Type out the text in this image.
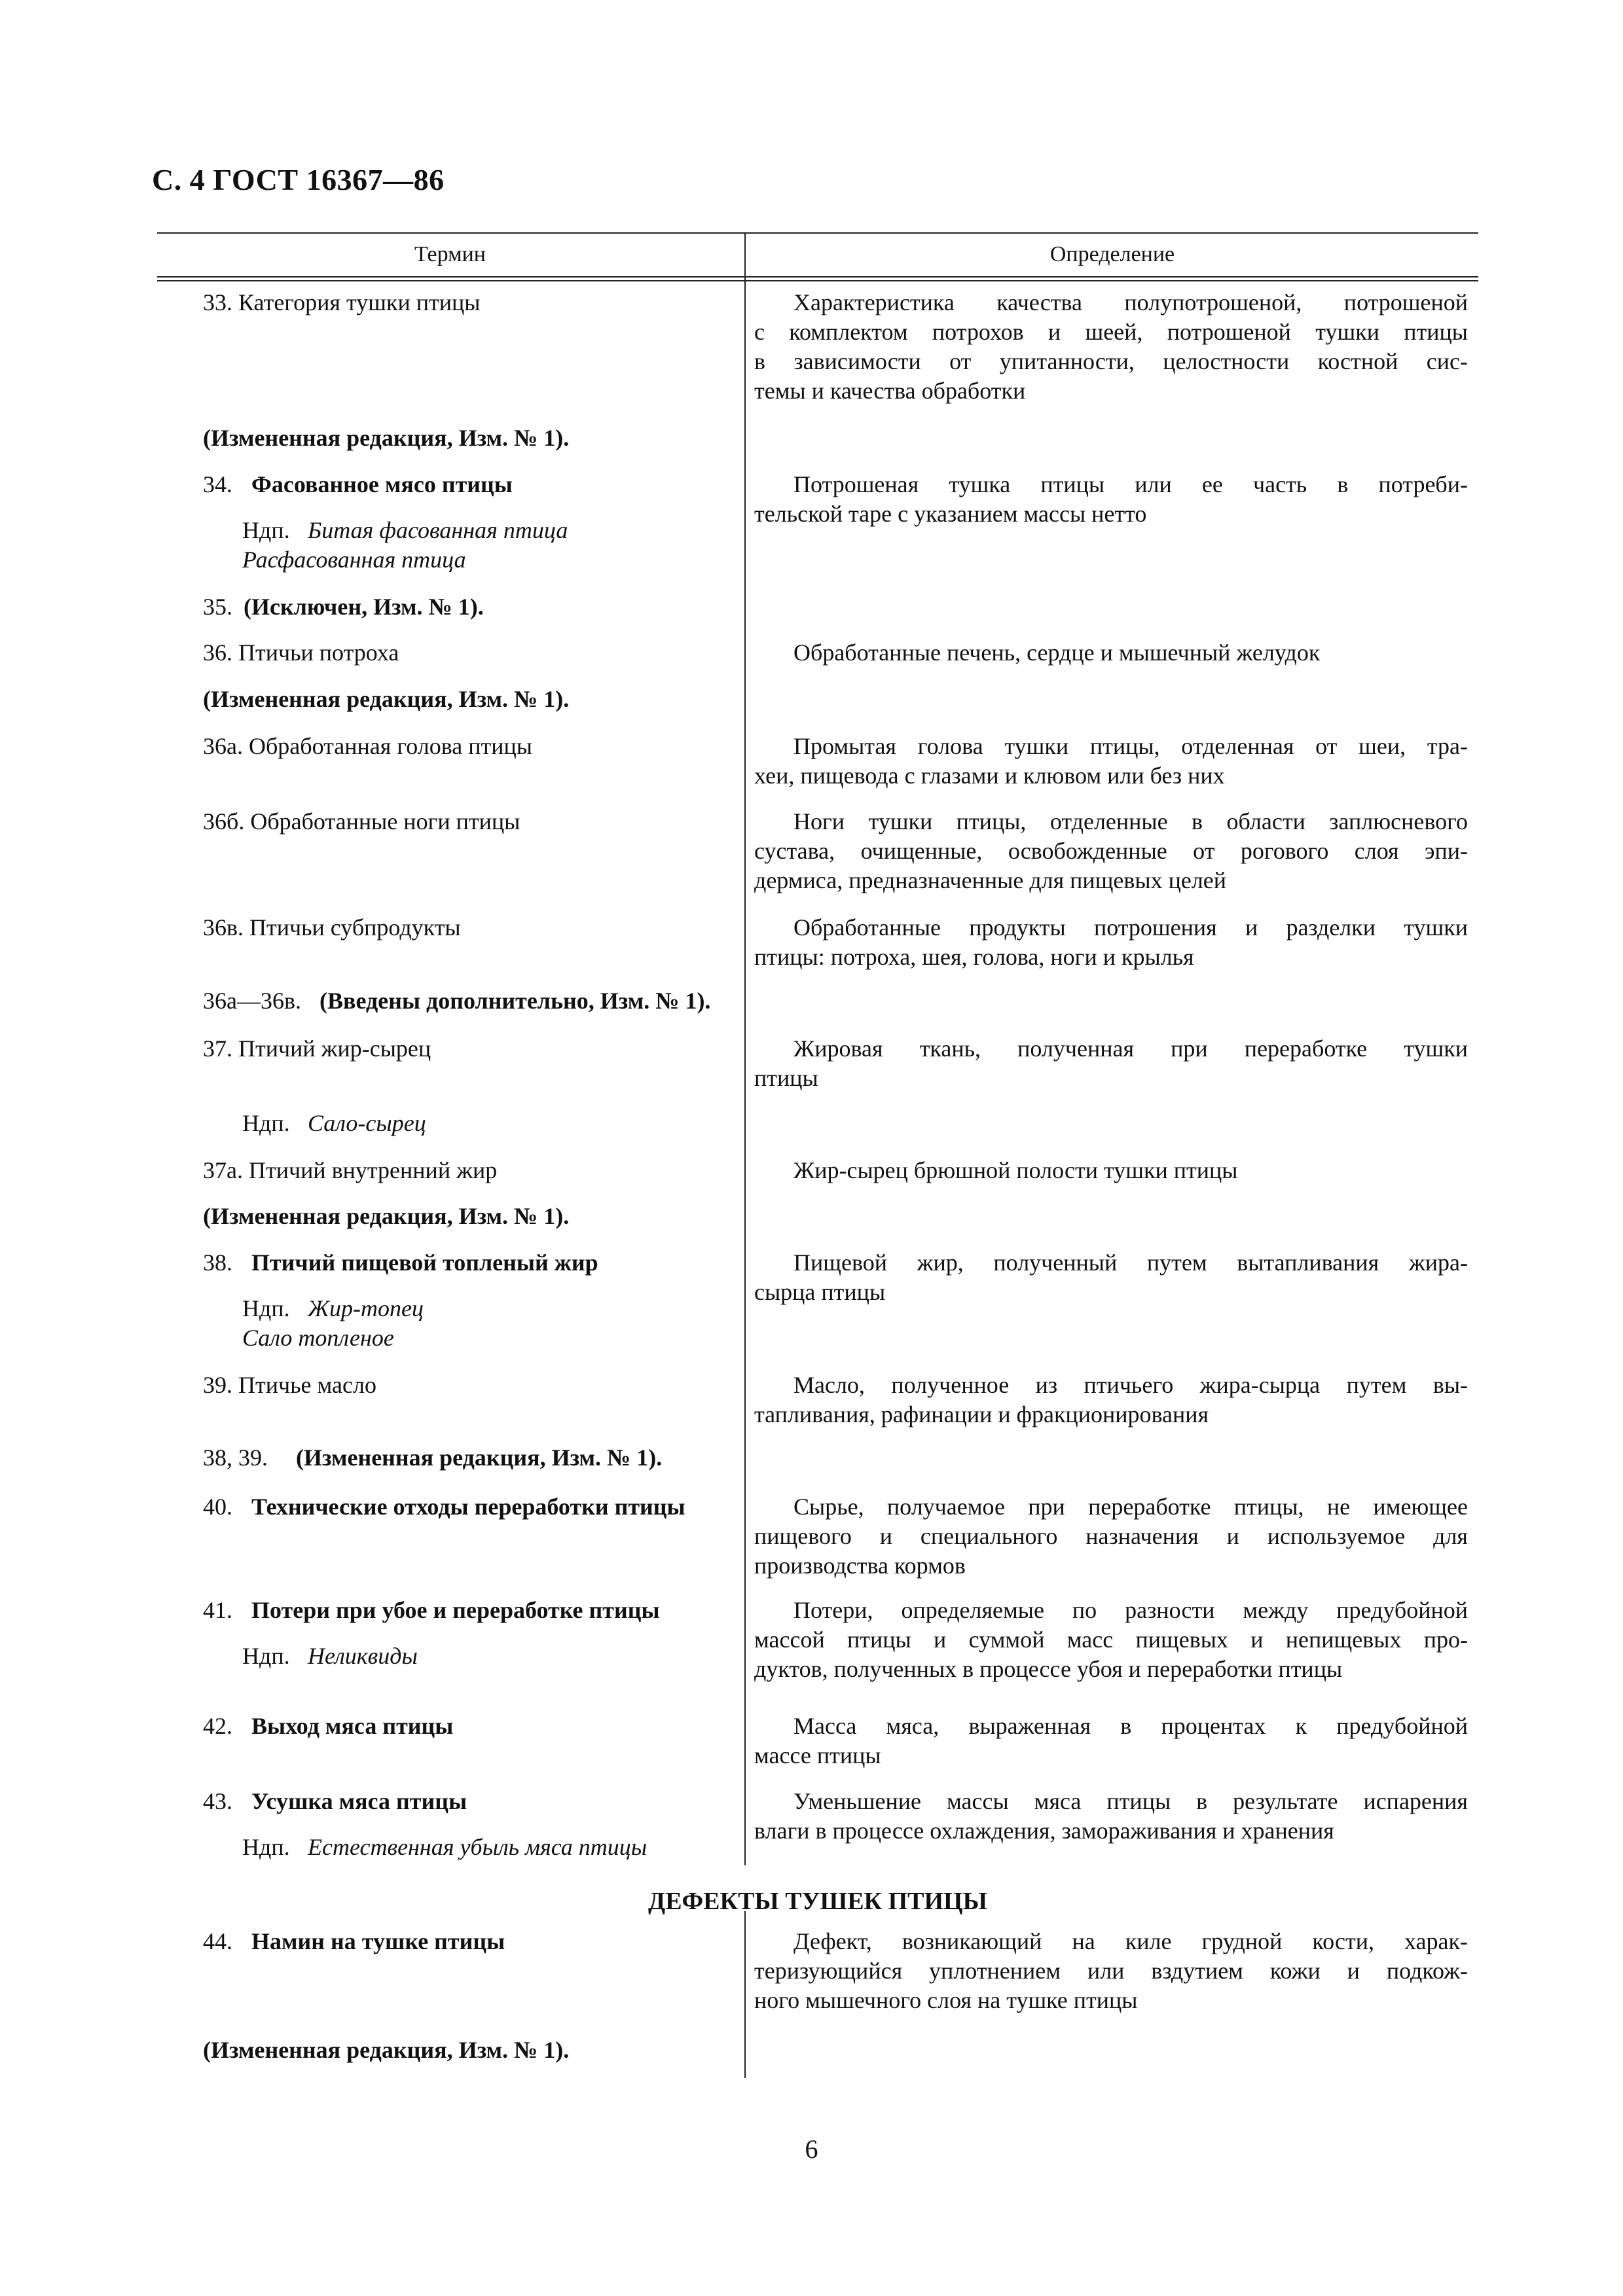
С. 4 ГОСТ 16367—86
Термин	Определение
33. Категория тушки птицы	Характеристика качества полупотрошеной, потрошеной
с комплектом потрохов и шеей, потрошеной тушки птицы
в зависимости от упитанности, целостности костной сис-
темы и качества обработки
(Измененная редакция, Изм. № 1).
34. Фасованное мясо птицы	Потрошеная тушка птицы или ее часть в потреби-
тельской таре с указанием массы нетто
Ндп. Битая фасованная птица
Расфасованная птица
35. (Исключен, Изм. № 1).
36. Птичьи потроха	Обработанные печень, сердце и мышечный желудок
(Измененная редакция, Изм. № 1).
36а. Обработанная голова птицы	Промытая голова тушки птицы, отделенная от шеи, тра-
хеи, пищевода с глазами и клювом или без них
36б. Обработанные ноги птицы	Ноги тушки птицы, отделенные в области заплюсневого
сустава, очищенные, освобожденные от рогового слоя эпи-
дермиса, предназначенные для пищевых целей
36в. Птичьи субпродукты	Обработанные продукты потрошения и разделки тушки
птицы: потроха, шея, голова, ноги и крылья
36а—36в. (Введены дополнительно, Изм. № 1).
37. Птичий жир-сырец	Жировая ткань, полученная при переработке тушки
птицы
Ндп. Сало-сырец
37а. Птичий внутренний жир	Жир-сырец брюшной полости тушки птицы
(Измененная редакция, Изм. № 1).
38. Птичий пищевой топленый жир	Пищевой жир, полученный путем вытапливания жира-
сырца птицы
Ндп. Жир-топец
Сало топленое
39. Птичье масло	Масло, полученное из птичьего жира-сырца путем вы-
тапливания, рафинации и фракционирования
38, 39. (Измененная редакция, Изм. № 1).
40. Технические отходы переработки птицы	Сырье, получаемое при переработке птицы, не имеющее
пищевого и специального назначения и используемое для
производства кормов
41. Потери при убое и переработке птицы	Потери, определяемые по разности между предубойной
массой птицы и суммой масс пищевых и непищевых про-
дуктов, полученных в процессе убоя и переработки птицы
Ндп. Неликвиды
42. Выход мяса птицы	Масса мяса, выраженная в процентах к предубойной
массе птицы
43. Усушка мяса птицы	Уменьшение массы мяса птицы в результате испарения
влаги в процессе охлаждения, замораживания и хранения
Ндп. Естественная убыль мяса птицы
ДЕФЕКТЫ ТУШЕК ПТИЦЫ
44. Намин на тушке птицы	Дефект, возникающий на киле грудной кости, харак-
теризующийся уплотнением или вздутием кожи и подкож-
ного мышечного слоя на тушке птицы
(Измененная редакция, Изм. № 1).
6
